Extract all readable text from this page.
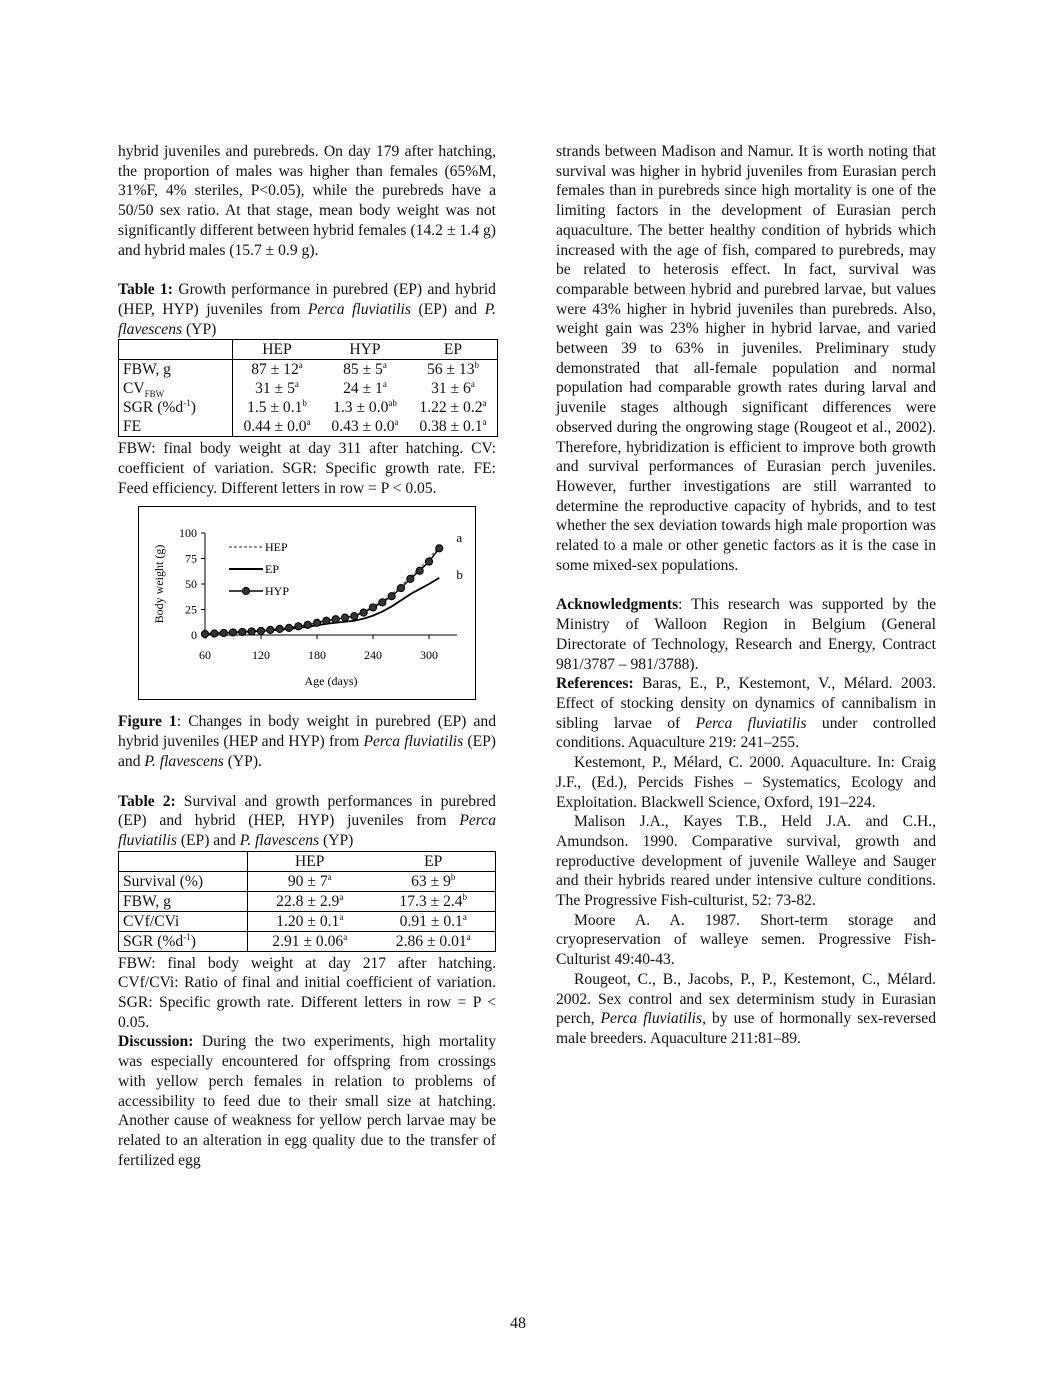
hybrid juveniles and purebreds. On day 179 after hatching, the proportion of males was higher than females (65%M, 31%F, 4% steriles, P<0.05), while the purebreds have a 50/50 sex ratio. At that stage, mean body weight was not significantly different between hybrid females (14.2 ± 1.4 g) and hybrid males (15.7 ± 0.9 g).

Table 1: Growth performance in purebred (EP) and hybrid (HEP, HYP) juveniles from Perca fluviatilis (EP) and P. flavescens (YP)

	HEP	HYP	EP
FBW, g	$87 \pm 12^a$	$85 \pm 5^a$	$56 \pm 13^b$
$CV_{FBW}$	$31 \pm 5^a$	$24 \pm 1^a$	$31 \pm 6^a$
SGR $(\%d^{-1})$	1.5 ± 0.1$^b$	1.3 ± 0.0$^{ab}$	1.22 ± 0.2$^a$
FE	0.44 ± 0.0$^a$	0.43 ± 0.0$^a$	0.38 ± 0.1$^a$

FBW: final body weight at day 311 after hatching. CV: coefficient of variation. SGR: Specific growth rate. FE: Feed efficiency. Different letters in row = P < 0.05.

0
25
50
75
100
60	120	180	240	300
Age (days)
Body weight (g)	HEP
EP
HYP
a
b

Figure 1: Changes in body weight in purebred (EP) and hybrid juveniles (HEP and HYP) from Perca fluviatilis (EP) and P. flavescens (YP).

Table 2: Survival and growth performances in purebred (EP) and hybrid (HEP, HYP) juveniles from Perca fluviatilis (EP) and P. flavescens (YP)

	HEP	EP
Survival (%)	$90 \pm 7^a$	$63 \pm 9^b$
FBW, g	22.8 ± 2.9$^a$	17.3 ± 2.4$^b$
CVf/CVi	1.20 ± 0.1$^a$	0.91 ± 0.1$^a$
SGR $(\%d^{-1})$	2.91 ± 0.06$^a$	2.86 ± 0.01$^a$

FBW: final body weight at day 217 after hatching. CVf/CVi: Ratio of final and initial coefficient of variation. SGR: Specific growth rate. Different letters in row = P < 0.05.

Discussion: During the two experiments, high mortality was especially encountered for offspring from crossings with yellow perch females in relation to problems of accessibility to feed due to their small size at hatching. Another cause of weakness for yellow perch larvae may be related to an alteration in egg quality due to the transfer of fertilized egg

strands between Madison and Namur. It is worth noting that survival was higher in hybrid juveniles from Eurasian perch females than in purebreds since high mortality is one of the limiting factors in the development of Eurasian perch aquaculture. The better healthy condition of hybrids which increased with the age of fish, compared to purebreds, may be related to heterosis effect. In fact, survival was comparable between hybrid and purebred larvae, but values were 43% higher in hybrid juveniles than purebreds. Also, weight gain was 23% higher in hybrid larvae, and varied between 39 to 63% in juveniles. Preliminary study demonstrated that all-female population and normal population had comparable growth rates during larval and juvenile stages although significant differences were observed during the ongrowing stage (Rougeot et al., 2002). Therefore, hybridization is efficient to improve both growth and survival performances of Eurasian perch juveniles. However, further investigations are still warranted to determine the reproductive capacity of hybrids, and to test whether the sex deviation towards high male proportion was related to a male or other genetic factors as it is the case in some mixed-sex populations.

Acknowledgments: This research was supported by the Ministry of Walloon Region in Belgium (General Directorate of Technology, Research and Energy, Contract 981/3787 – 981/3788).

References: Baras, E., P., Kestemont, V., Mélard. 2003. Effect of stocking density on dynamics of cannibalism in sibling larvae of Perca fluviatilis under controlled conditions. Aquaculture 219: 241–255.

Kestemont, P., Mélard, C. 2000. Aquaculture. In: Craig J.F., (Ed.), Percids Fishes – Systematics, Ecology and Exploitation. Blackwell Science, Oxford, 191–224.

Malison J.A., Kayes T.B., Held J.A. and C.H., Amundson. 1990. Comparative survival, growth and reproductive development of juvenile Walleye and Sauger and their hybrids reared under intensive culture conditions. The Progressive Fish-culturist, 52: 73-82.

Moore A. A. 1987. Short-term storage and cryopreservation of walleye semen. Progressive Fish-Culturist 49:40-43.

Rougeot, C., B., Jacobs, P., P., Kestemont, C., Mélard. 2002. Sex control and sex determinism study in Eurasian perch, Perca fluviatilis, by use of hormonally sex-reversed male breeders. Aquaculture 211:81–89.

48
